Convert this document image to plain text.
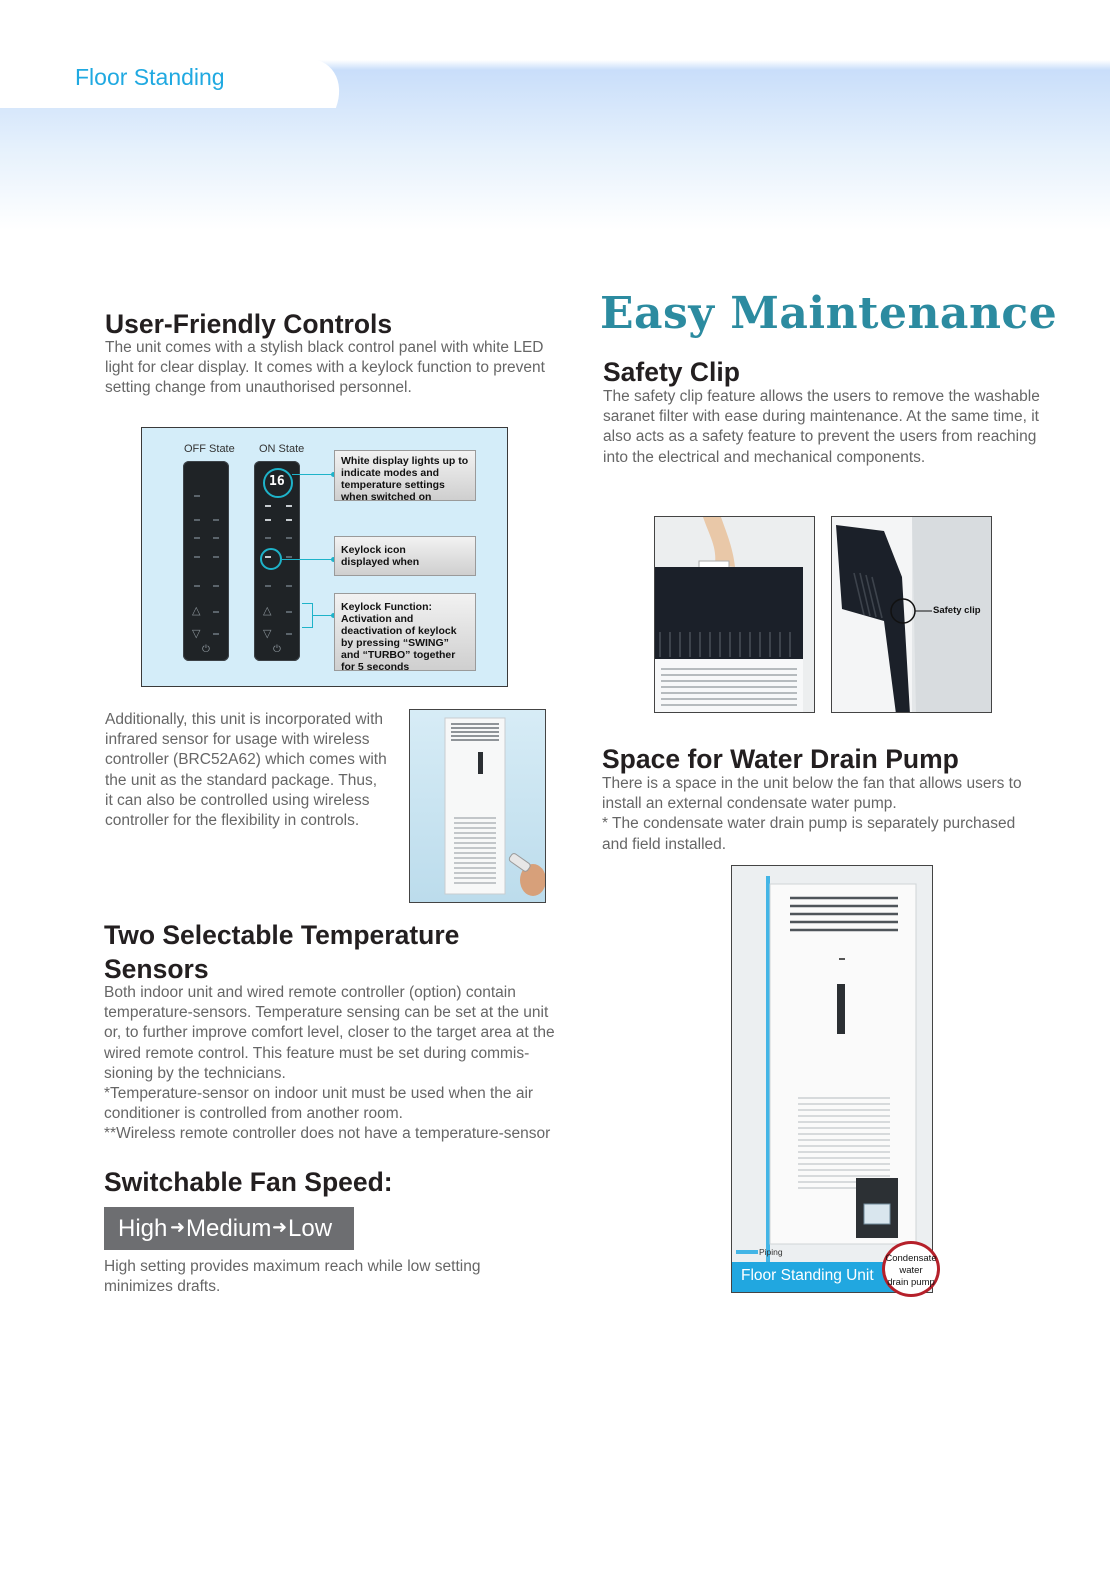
Floor Standing
User-Friendly Controls

The unit comes with a stylish black control panel with white LED

light for clear display. It comes with a keylock function to prevent

setting change from unauthorised personnel.

OFF State ON State
△
▽
⏻
16
△
▽
⏻
White display lights up to
indicate modes and
temperature settings
when switched on
Keylock icon
displayed when
Keylock Function:
Activation and
deactivation of keylock
by pressing “SWING”
and “TURBO” together
for 5 seconds

Additionally, this unit is incorporated with

infrared sensor for usage with wireless

controller (BRC52A62) which comes with

the unit as the standard package. Thus,

it can also be controlled using wireless

controller for the flexibility in controls.

Two Selectable Temperature
Sensors

Both indoor unit and wired remote controller (option) contain

temperature-sensors. Temperature sensing can be set at the unit

or, to further improve comfort level, closer to the target area at the

wired remote control. This feature must be set during commis-

sioning by the technicians.

*Temperature-sensor on indoor unit must be used when the air

conditioner is controlled from another room.

**Wireless remote controller does not have a temperature-sensor

Switchable Fan Speed:
High ➜ Medium ➜ Low

High setting provides maximum reach while low setting

minimizes drafts.

Easy Maintenance
Safety Clip

The safety clip feature allows the users to remove the washable

saranet filter with ease during maintenance. At the same time, it

also acts as a safety feature to prevent the users from reaching

into the electrical and mechanical components.

Safety clip
Space for Water Drain Pump

There is a space in the unit below the fan that allows users to

install an external condensate water pump.

* The condensate water drain pump is separately purchased

and field installed.

Piping
Floor Standing Unit
Condensate
water
drain pump
